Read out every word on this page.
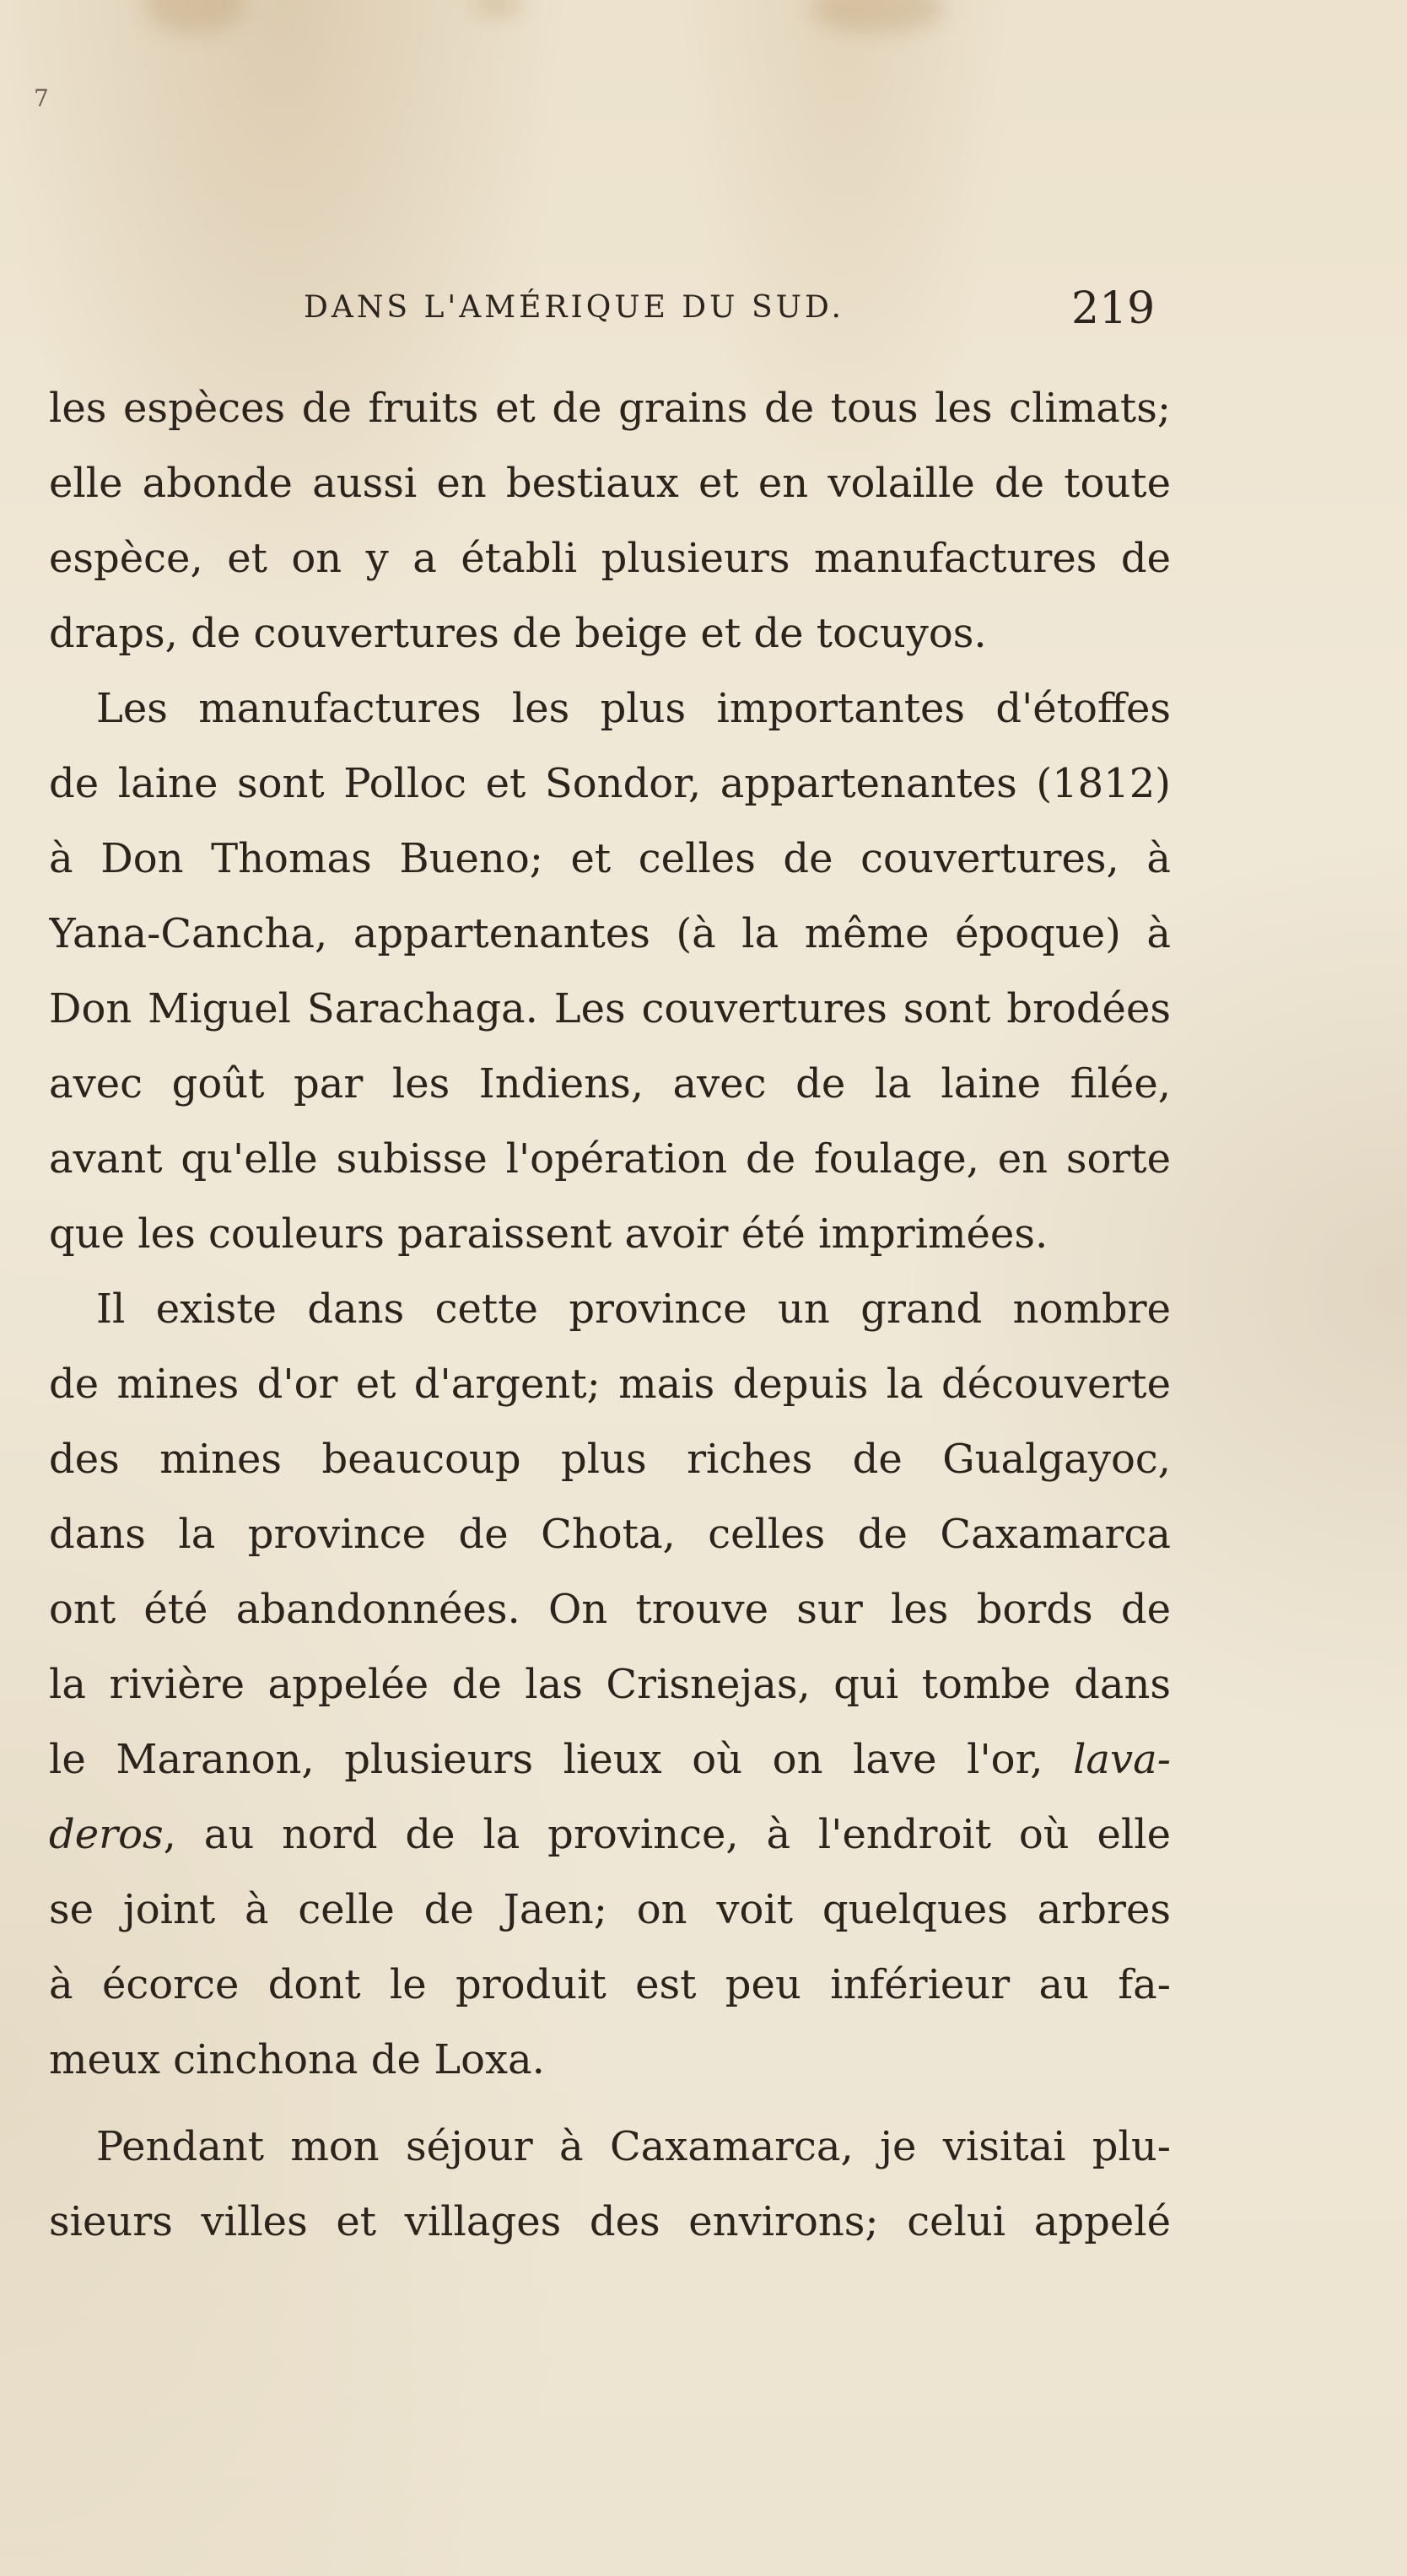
7
DANS L'AMÉRIQUE DU SUD.	219
les espèces de fruits et de grains de tous les climats;
elle abonde aussi en bestiaux et en volaille de toute
espèce, et on y a établi plusieurs manufactures de
draps, de couvertures de beige et de tocuyos.
Les manufactures les plus importantes d'étoffes
de laine sont Polloc et Sondor, appartenantes (1812)
à Don Thomas Bueno; et celles de couvertures, à
Yana-Cancha, appartenantes (à la même époque) à
Don Miguel Sarachaga. Les couvertures sont brodées
avec goût par les Indiens, avec de la laine filée,
avant qu'elle subisse l'opération de foulage, en sorte
que les couleurs paraissent avoir été imprimées.
Il existe dans cette province un grand nombre
de mines d'or et d'argent; mais depuis la découverte
des mines beaucoup plus riches de Gualgayoc,
dans la province de Chota, celles de Caxamarca
ont été abandonnées. On trouve sur les bords de
la rivière appelée de las Crisnejas, qui tombe dans
le Maranon, plusieurs lieux où on lave l'or, lava-
deros, au nord de la province, à l'endroit où elle
se joint à celle de Jaen; on voit quelques arbres
à écorce dont le produit est peu inférieur au fa-
meux cinchona de Loxa.
Pendant mon séjour à Caxamarca, je visitai plu-
sieurs villes et villages des environs; celui appelé
